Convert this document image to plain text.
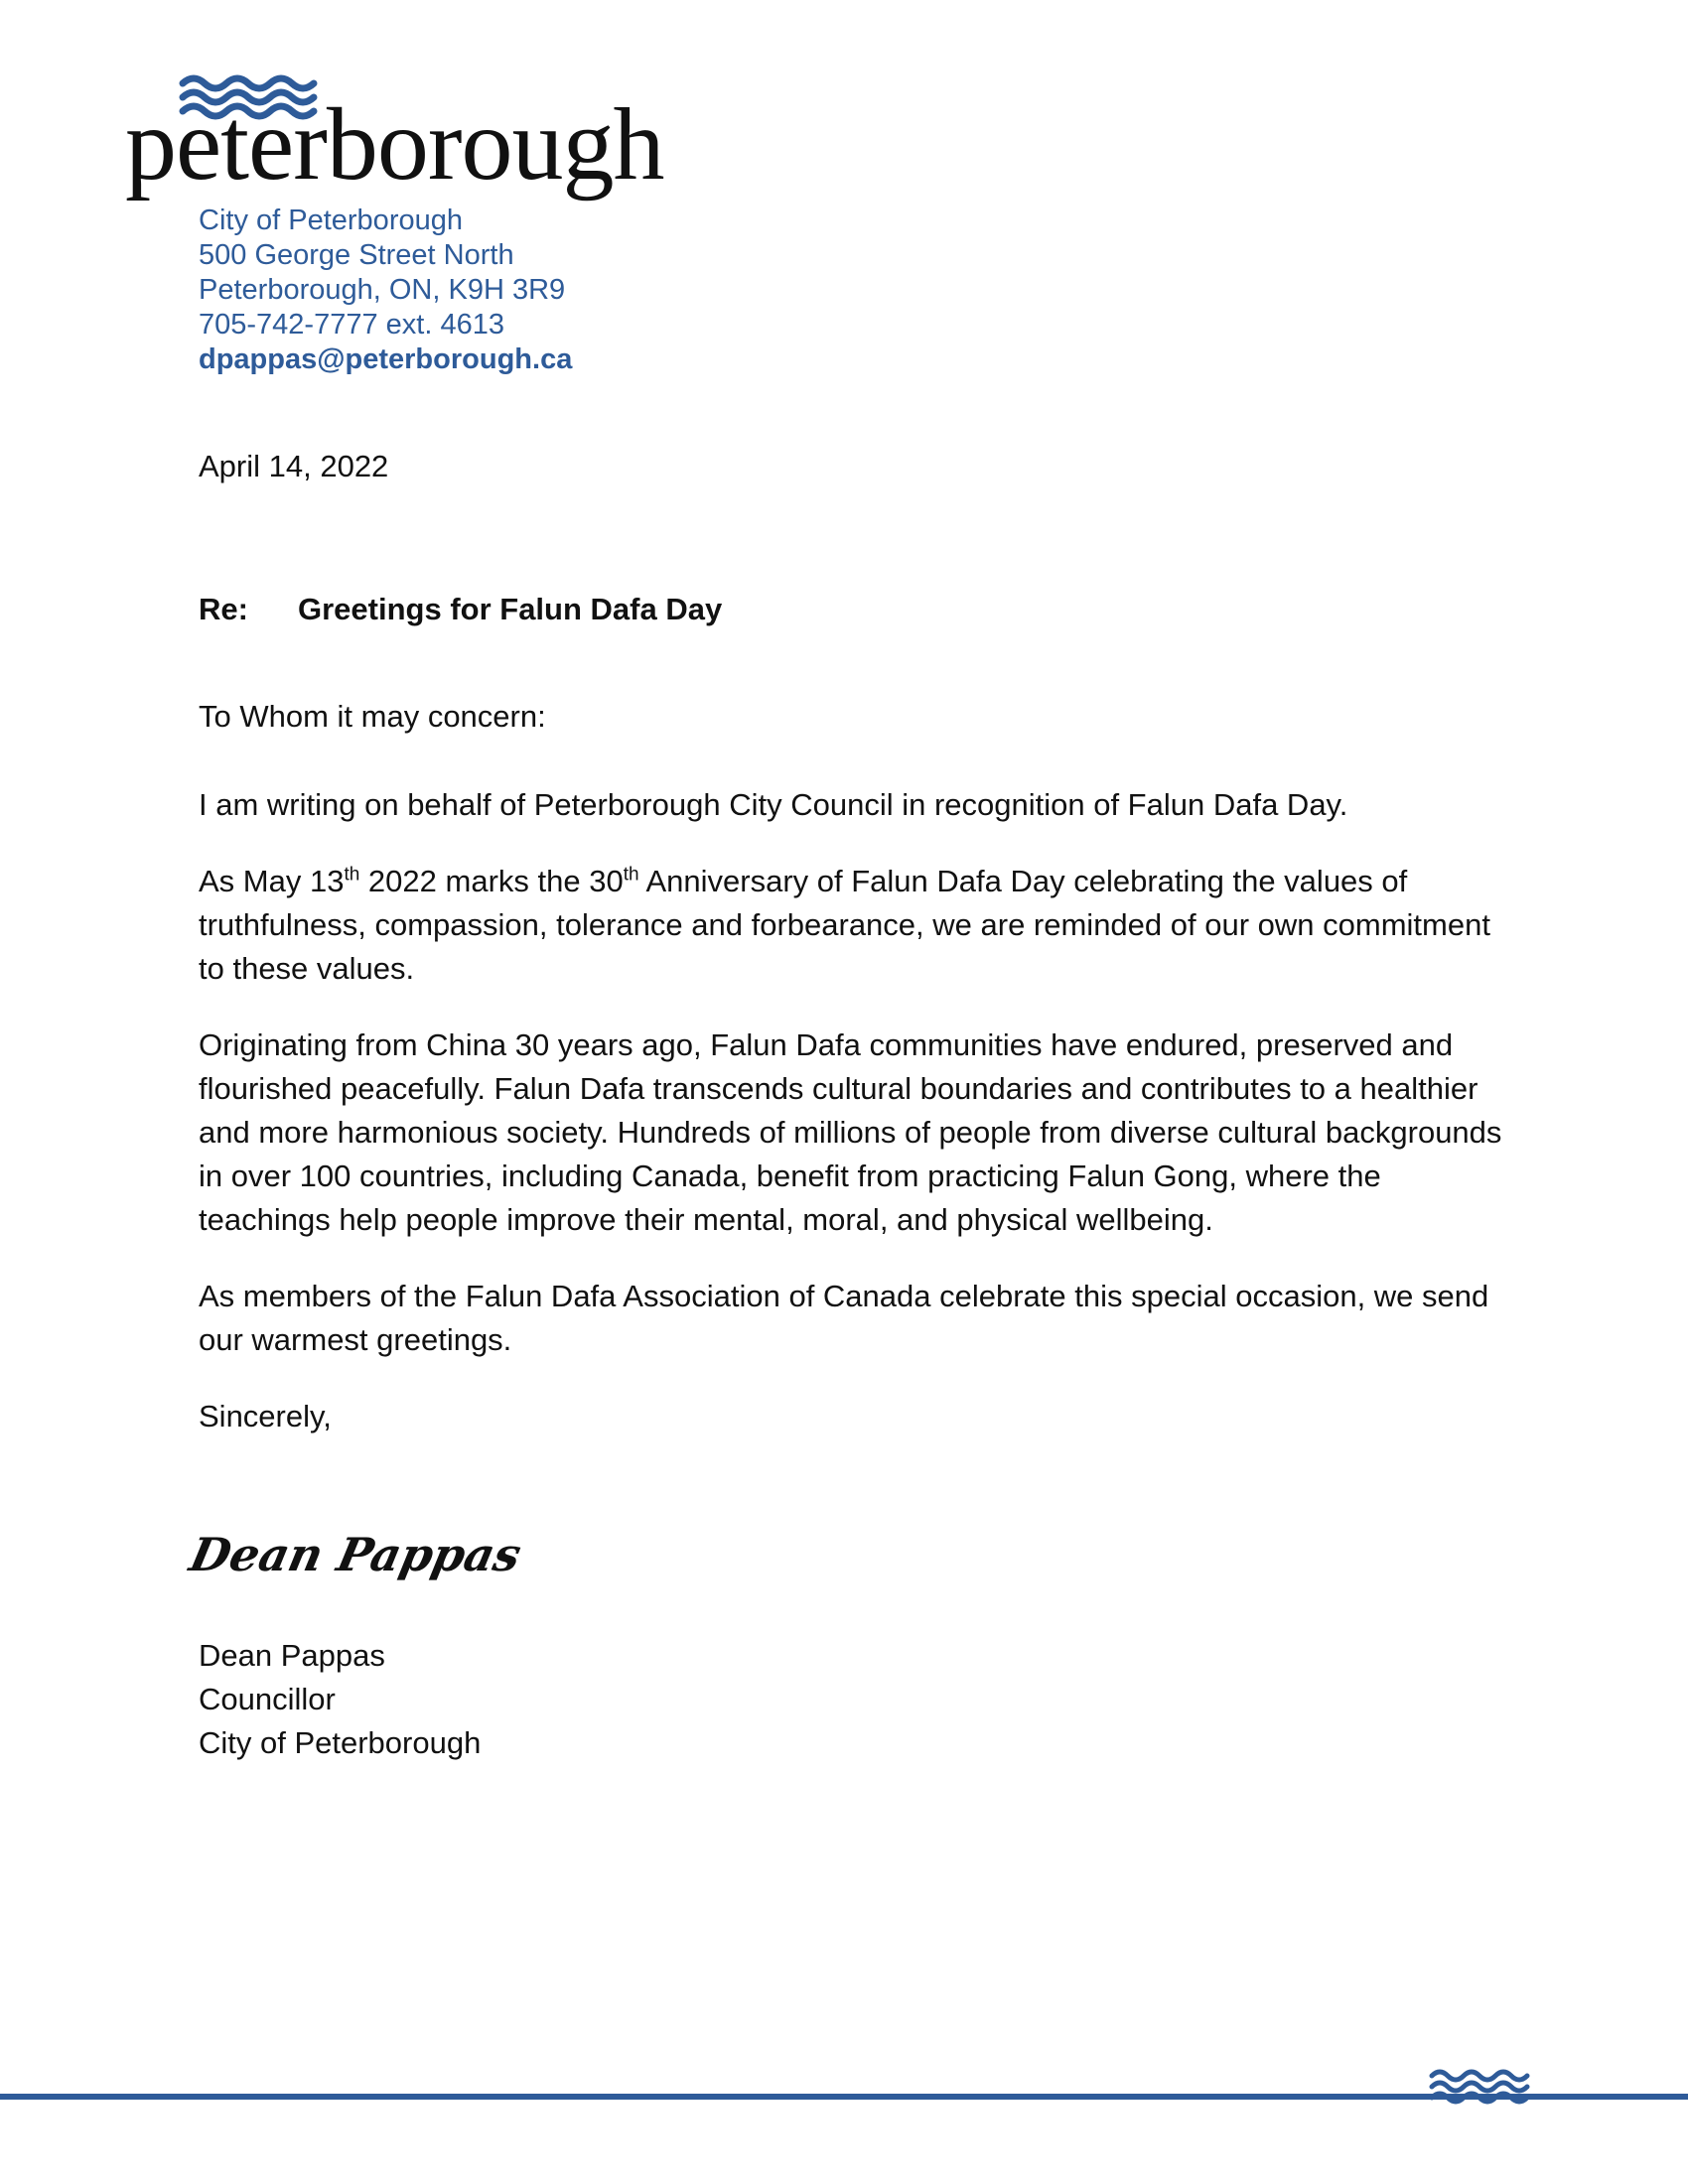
peterborough
City of Peterborough
500 George Street North
Peterborough, ON, K9H 3R9
705-742-7777 ext. 4613
dpappas@peterborough.ca
April 14, 2022
Re: Greetings for Falun Dafa Day

To Whom it may concern:

I am writing on behalf of Peterborough City Council in recognition of Falun Dafa Day.

As May 13th 2022 marks the 30th Anniversary of Falun Dafa Day celebrating the values of truthfulness, compassion, tolerance and forbearance, we are reminded of our own commitment to these values.

Originating from China 30 years ago, Falun Dafa communities have endured, preserved and flourished peacefully. Falun Dafa transcends cultural boundaries and contributes to a healthier and more harmonious society. Hundreds of millions of people from diverse cultural backgrounds in over 100 countries, including Canada, benefit from practicing Falun Gong, where the teachings help people improve their mental, moral, and physical wellbeing.

As members of the Falun Dafa Association of Canada celebrate this special occasion, we send our warmest greetings.

Sincerely,

Dean Pappas
Dean Pappas
Councillor
City of Peterborough
